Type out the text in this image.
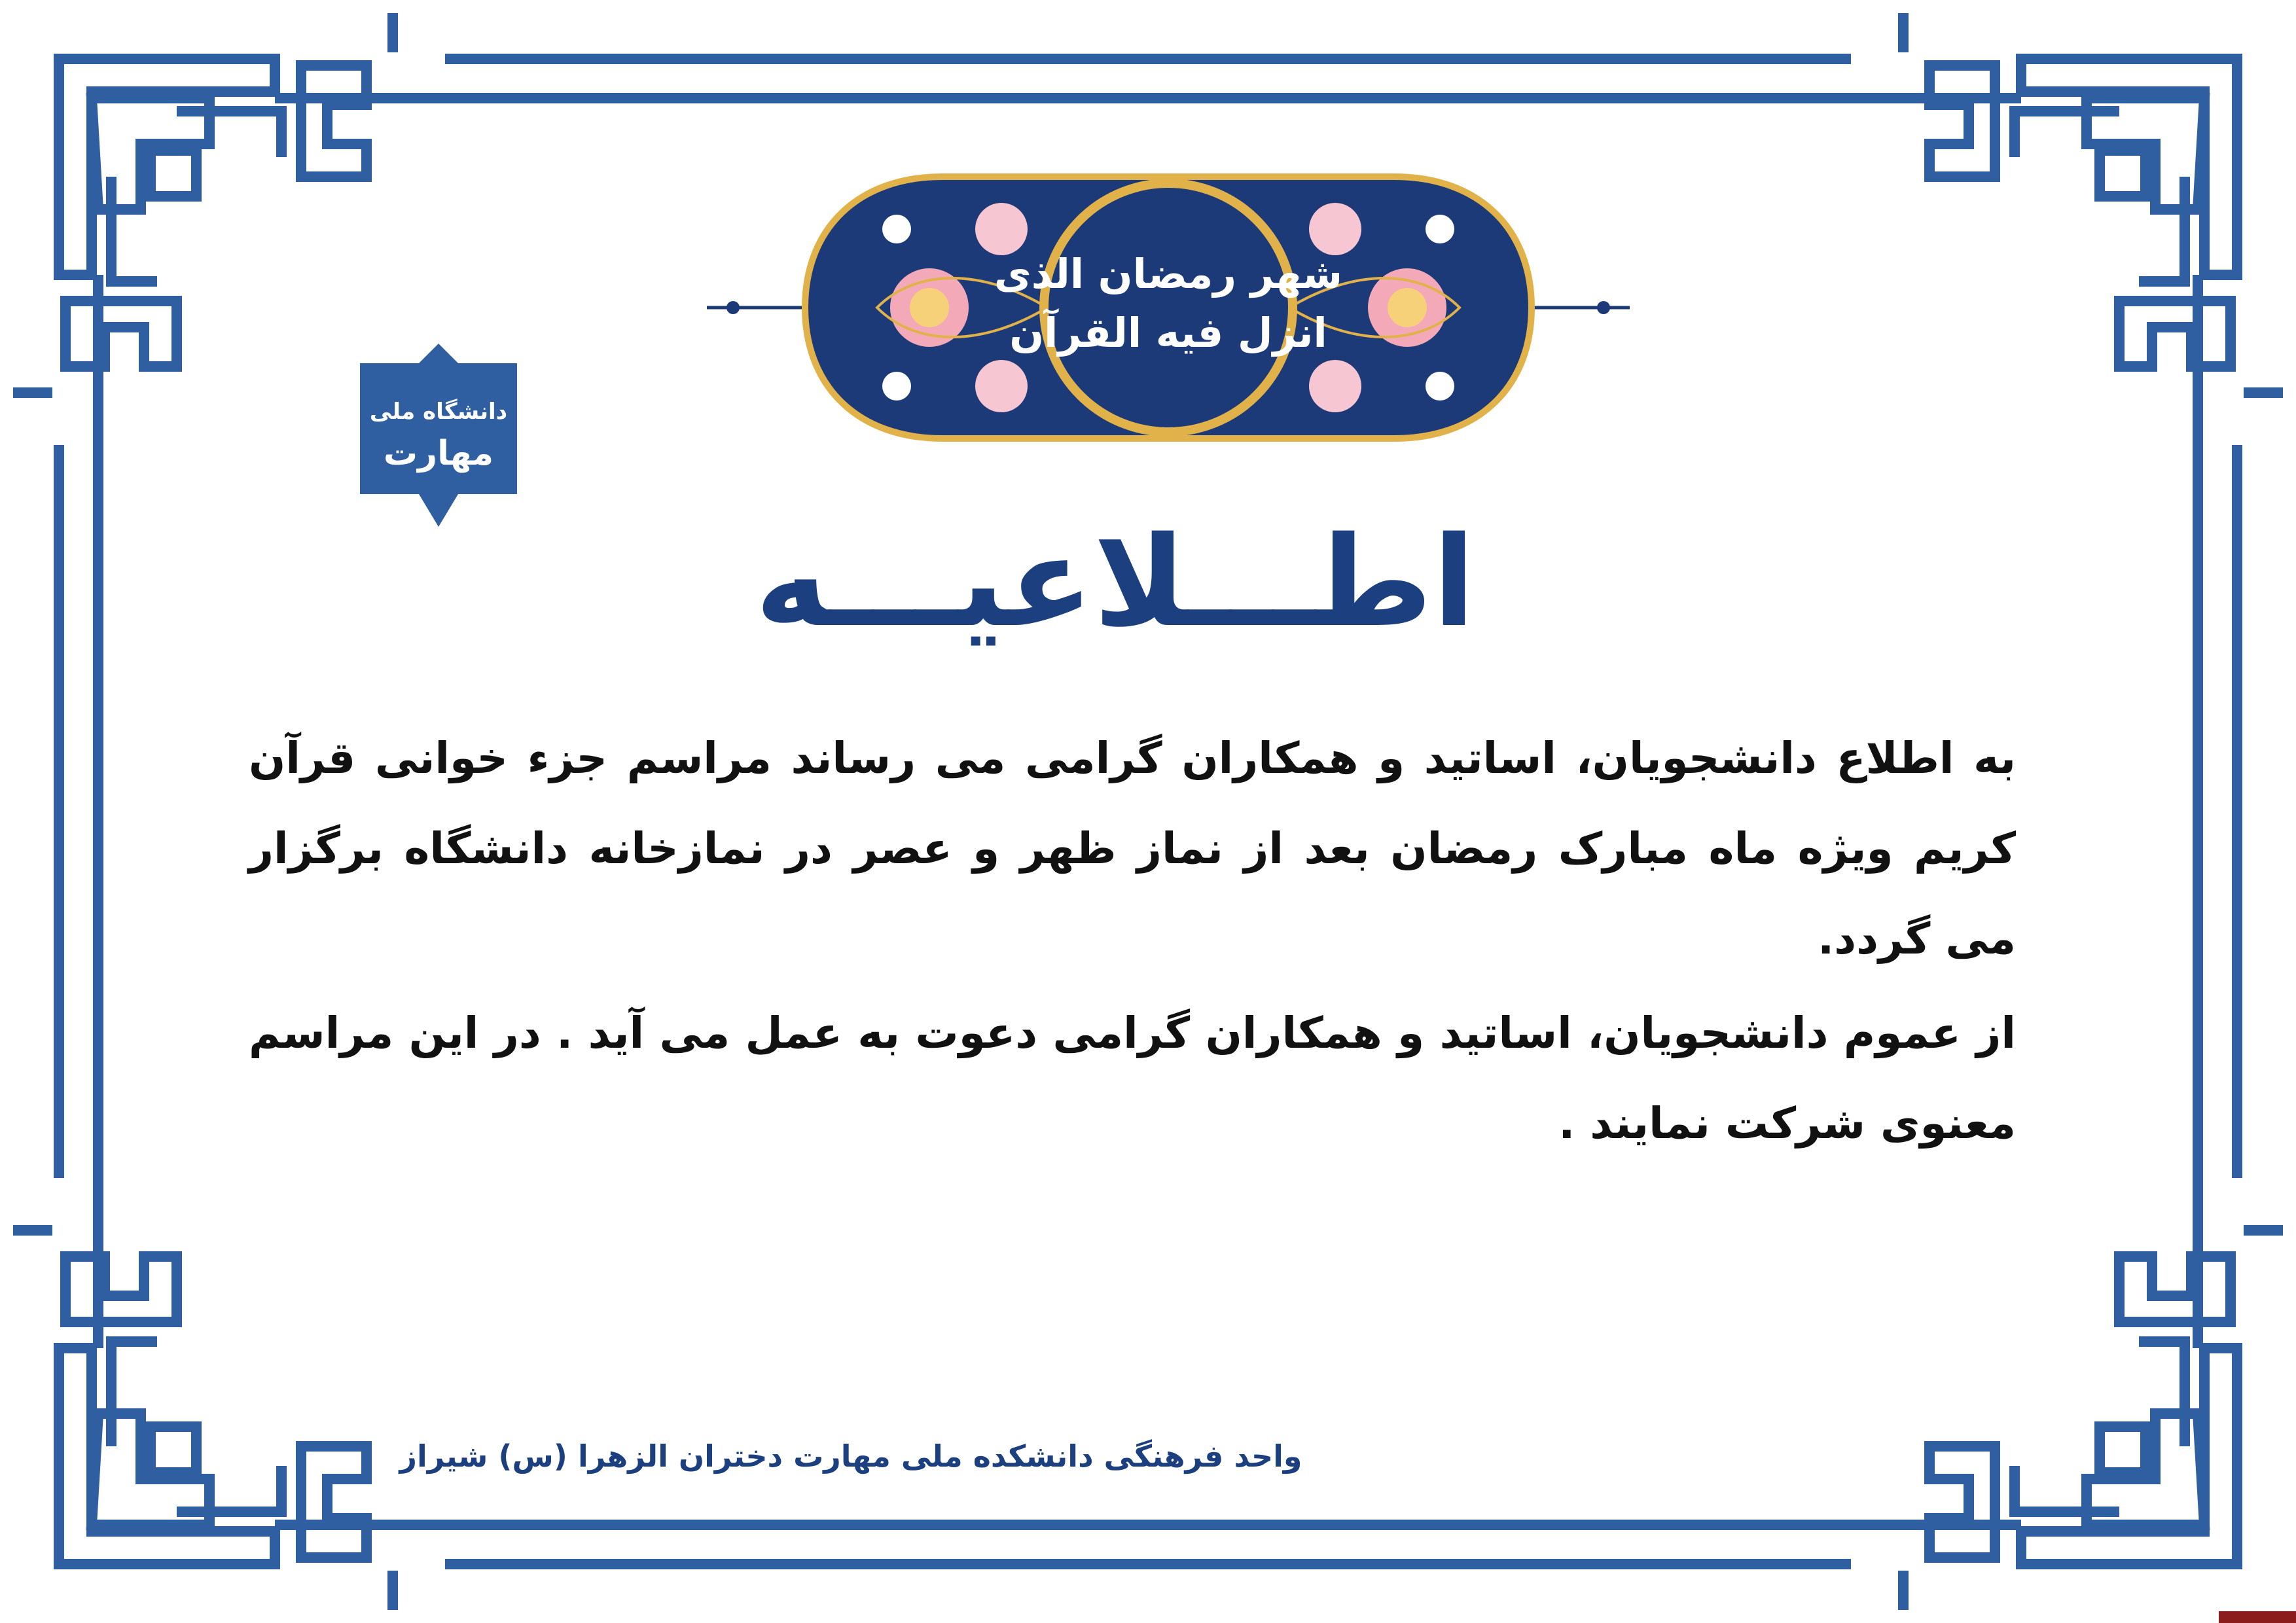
شهر رمضان الذی
انزل فیه القرآن
دانشگاه ملی
مهارت
اطـــلاعیـــه

به اطلاع دانشجویان، اساتید و همکاران گرامی می رساند مراسم جزء خوانی قرآن کریم ویژه ماه مبارک رمضان بعد از نماز ظهر و عصر در نمازخانه دانشگاه برگزار می گردد.

از عموم دانشجویان، اساتید و همکاران گرامی دعوت به عمل می آید . در این مراسم معنوی شرکت نمایند .

واحد فرهنگی دانشکده ملی مهارت دختران الزهرا (س) شیراز
